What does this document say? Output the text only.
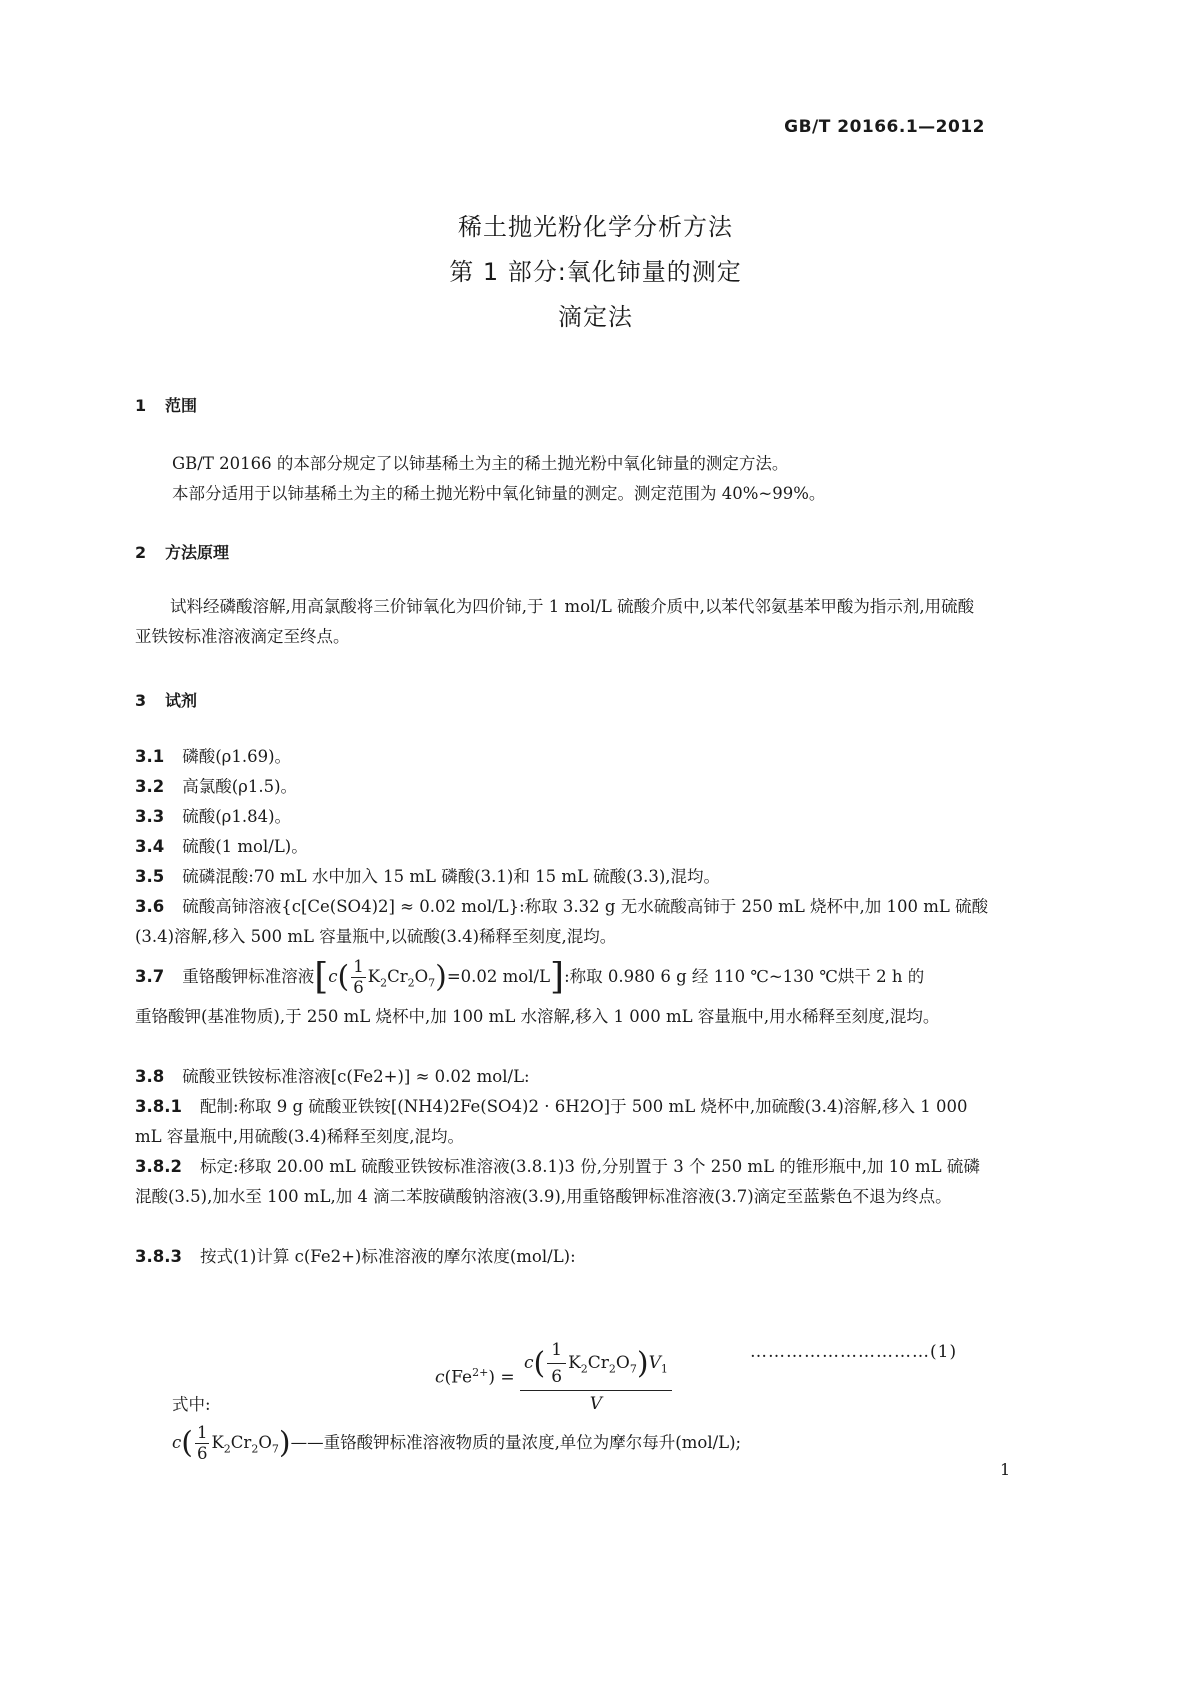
GB/T 20166.1—2012
稀土抛光粉化学分析方法
第 1 部分:氧化铈量的测定
滴定法
1 范围
GB/T 20166 的本部分规定了以铈基稀土为主的稀土抛光粉中氧化铈量的测定方法。
本部分适用于以铈基稀土为主的稀土抛光粉中氧化铈量的测定。测定范围为 40%~99%。
2 方法原理
试料经磷酸溶解,用高氯酸将三价铈氧化为四价铈,于 1 mol/L 硫酸介质中,以苯代邻氨基苯甲酸为指示剂,用硫酸亚铁铵标准溶液滴定至终点。
3 试剂
3.1 磷酸(ρ1.69)。
3.2 高氯酸(ρ1.5)。
3.3 硫酸(ρ1.84)。
3.4 硫酸(1 mol/L)。
3.5 硫磷混酸:70 mL 水中加入 15 mL 磷酸(3.1)和 15 mL 硫酸(3.3),混均。
3.6 硫酸高铈溶液{c[Ce(SO4)2] ≈ 0.02 mol/L}:称取 3.32 g 无水硫酸高铈于 250 mL 烧杯中,加 100 mL 硫酸(3.4)溶解,移入 500 mL 容量瓶中,以硫酸(3.4)稀释至刻度,混均。
3.7 重铬酸钾标准溶液[$c( \frac{1}{6} K_2Cr_2O_7)=0.02$ mol/L]:称取 0.980 6 g 经 110 ℃~130 ℃烘干 2 h 的
重铬酸钾(基准物质),于 250 mL 烧杯中,加 100 mL 水溶解,移入 1 000 mL 容量瓶中,用水稀释至刻度,混均。
3.8 硫酸亚铁铵标准溶液[c(Fe2+)] ≈ 0.02 mol/L:
3.8.1 配制:称取 9 g 硫酸亚铁铵[(NH4)2Fe(SO4)2 · 6H2O]于 500 mL 烧杯中,加硫酸(3.4)溶解,移入 1 000 mL 容量瓶中,用硫酸(3.4)稀释至刻度,混均。
3.8.2 标定:移取 20.00 mL 硫酸亚铁铵标准溶液(3.8.1)3 份,分别置于 3 个 250 mL 的锥形瓶中,加 10 mL 硫磷混酸(3.5),加水至 100 mL,加 4 滴二苯胺磺酸钠溶液(3.9),用重铬酸钾标准溶液(3.7)滴定至蓝紫色不退为终点。
3.8.3 按式(1)计算 c(Fe2+)标准溶液的摩尔浓度(mol/L):
$c(Fe^{2+}) = \frac{c( \frac{1}{6} K_2Cr_2O_7)V_1}{V}$	…………………………(1)
式中:
$c( \frac{1}{6}$ $K_2Cr_2O_7)——$重铬酸钾标准溶液物质的量浓度,单位为摩尔每升(mol/L);
1
